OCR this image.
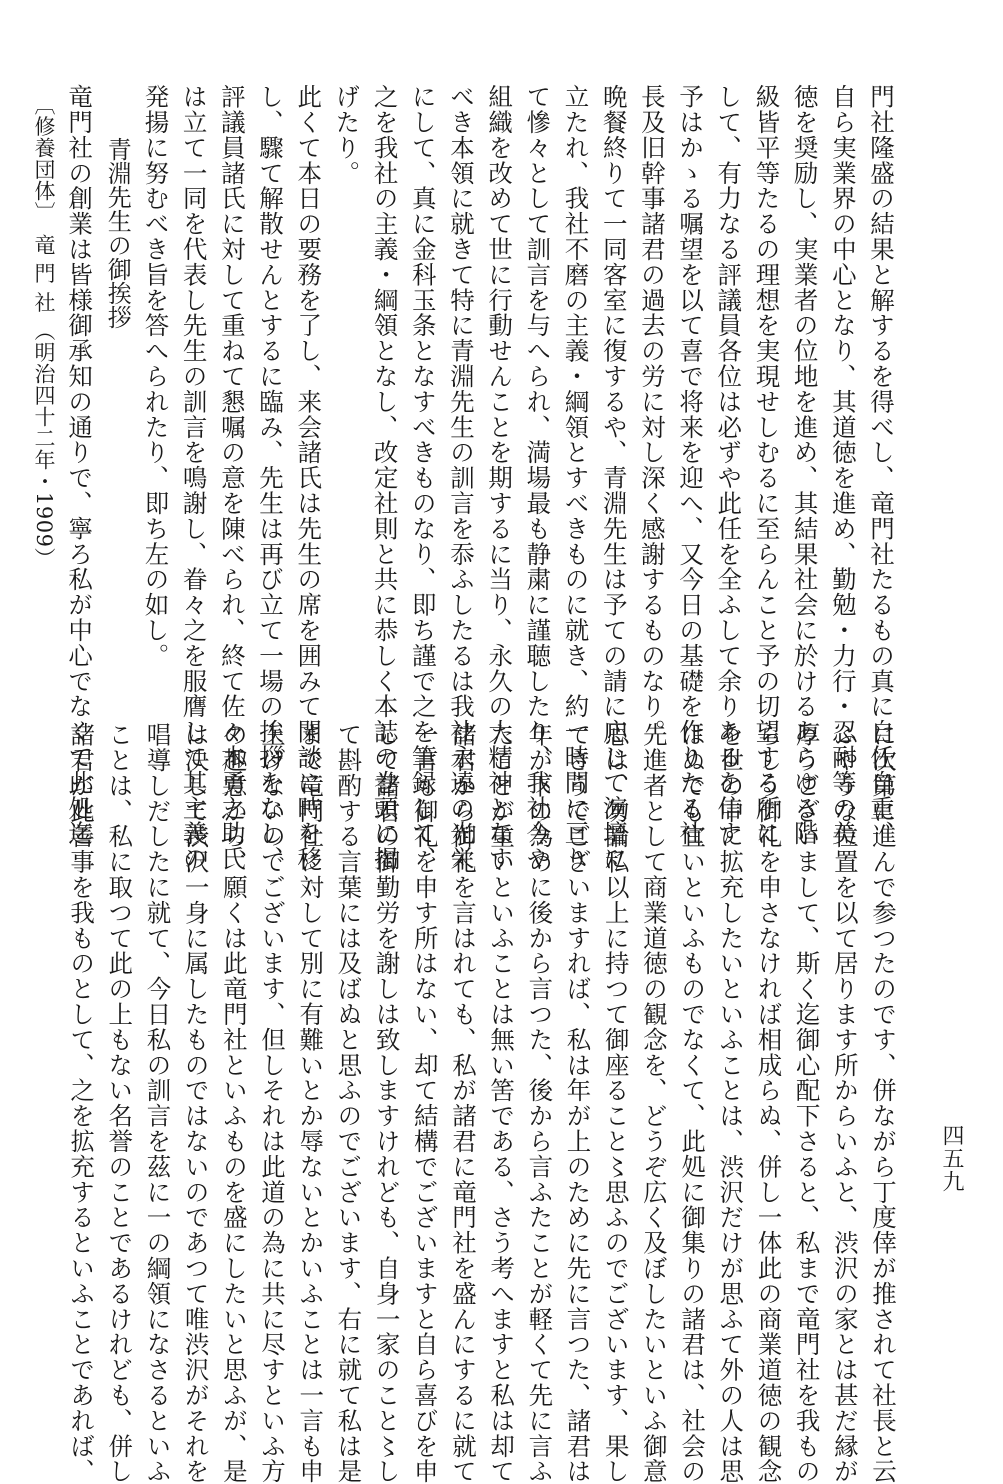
門社隆盛の結果と解するを得べし、竜門社たるもの真に自任自重、
自ら実業界の中心となり、其道徳を進め、勤勉・力行・忍耐等の美
徳を奨励し、実業者の位地を進め、其結果社会に於けるあらゆる階
級皆平等たるの理想を実現せしむるに至らんこと予の切望する所に
して、有力なる評議員各位は必ずや此任を全ふして余りあるを信す
予はかゝる嘱望を以て喜で将来を迎へ、又今日の基礎を作りたる社
長及旧幹事諸君の過去の労に対し深く感謝するものなり。
晩餐終りて一同客室に復するや、青淵先生は予ての請に応じて演壇に
立たれ、我社不磨の主義・綱領とすべきものに就き、約一時間に亘り
て慘々として訓言を与へられ、満場最も静粛に謹聴したり、我社今や
組織を改めて世に行動せんことを期するに当り、永久の大精神となす
べき本領に就きて特に青淵先生の訓言を忝ふしたるは我社永遠の光栄
にして、真に金科玉条となすべきものなり、即ち謹で之を筆録して、
之を我社の主義・綱領となし、改定社則と共に恭しく本誌の巻頭に掲
げたり。
此くて本日の要務を了し、来会諸氏は先生の席を囲みて閑談に時を移
し、驟て解散せんとするに臨み、先生は再び立て一場の挨拶をなし、
評議員諸氏に対して重ねて懇嘱の意を陳べられ、終て佐々木勇之助氏
は立て一同を代表し先生の訓言を鳴謝し、眷々之を服膺して其主義の
発揚に努むべき旨を答へられたり、即ち左の如し。
青淵先生の御挨拶
竜門社の創業は皆様御承知の通りで、寧ろ私が中心でなくて此処迄
に次第に進んで参つたのです、併ながら丁度倖が推されて社長と云
ふやうな位置を以て居ります所からいふと、渋沢の家とは甚だ縁が
厚うございまして、斯く迄御心配下さると、私まで竜門社を我もの
らしう御礼を申さなければ相成らぬ、併し一体此の商業道徳の観念
を世の中に拡充したいといふことは、渋沢だけが思ふて外の人は思
はぬでも宜いといふものでなくて、此処に御集りの諸君は、社会の
先進者として商業道徳の観念を、どうぞ広く及ぼしたいといふ御意
思は、勿論私以上に持つて御座ること〻思ふのでございます、果し
てさうでございますれば、私は年が上のために先に言つた、諸君は
年が下の為めに後から言つた、後から言ふたことが軽くて先に言ふ
たことが重いといふことは無い筈である、さう考へますと私は却て
諸君から御礼を言はれても、私が諸君に竜門社を盛んにするに就て
一言も御礼を申す所はない、却て結構でございますと自ら喜びを申
して諸君の御勤労を謝しは致しますけれども、自身一家のこと〻し
て斟酌する言葉には及ばぬと思ふのでございます、右に就て私は是
まで竜門社に対して別に有難いとか辱ないとかいふことは一言も申
上げないのでございます、但しそれは此道の為に共に尽すといふ方
の趣意から、願くは此竜門社といふものを盛にしたいと思ふが、是
は決して渋沢一身に属したものではないのであつて唯渋沢がそれを
唱導しだしたに就て、今日私の訓言を茲に一の綱領になさるといふ
ことは、私に取つて此の上もない名誉のことであるけれども、併し
諸君が此善事を我ものとして、之を拡充するといふことであれば、
〔修養団体〕　竜 門 社 （明治四十二年・1909）
四五九
